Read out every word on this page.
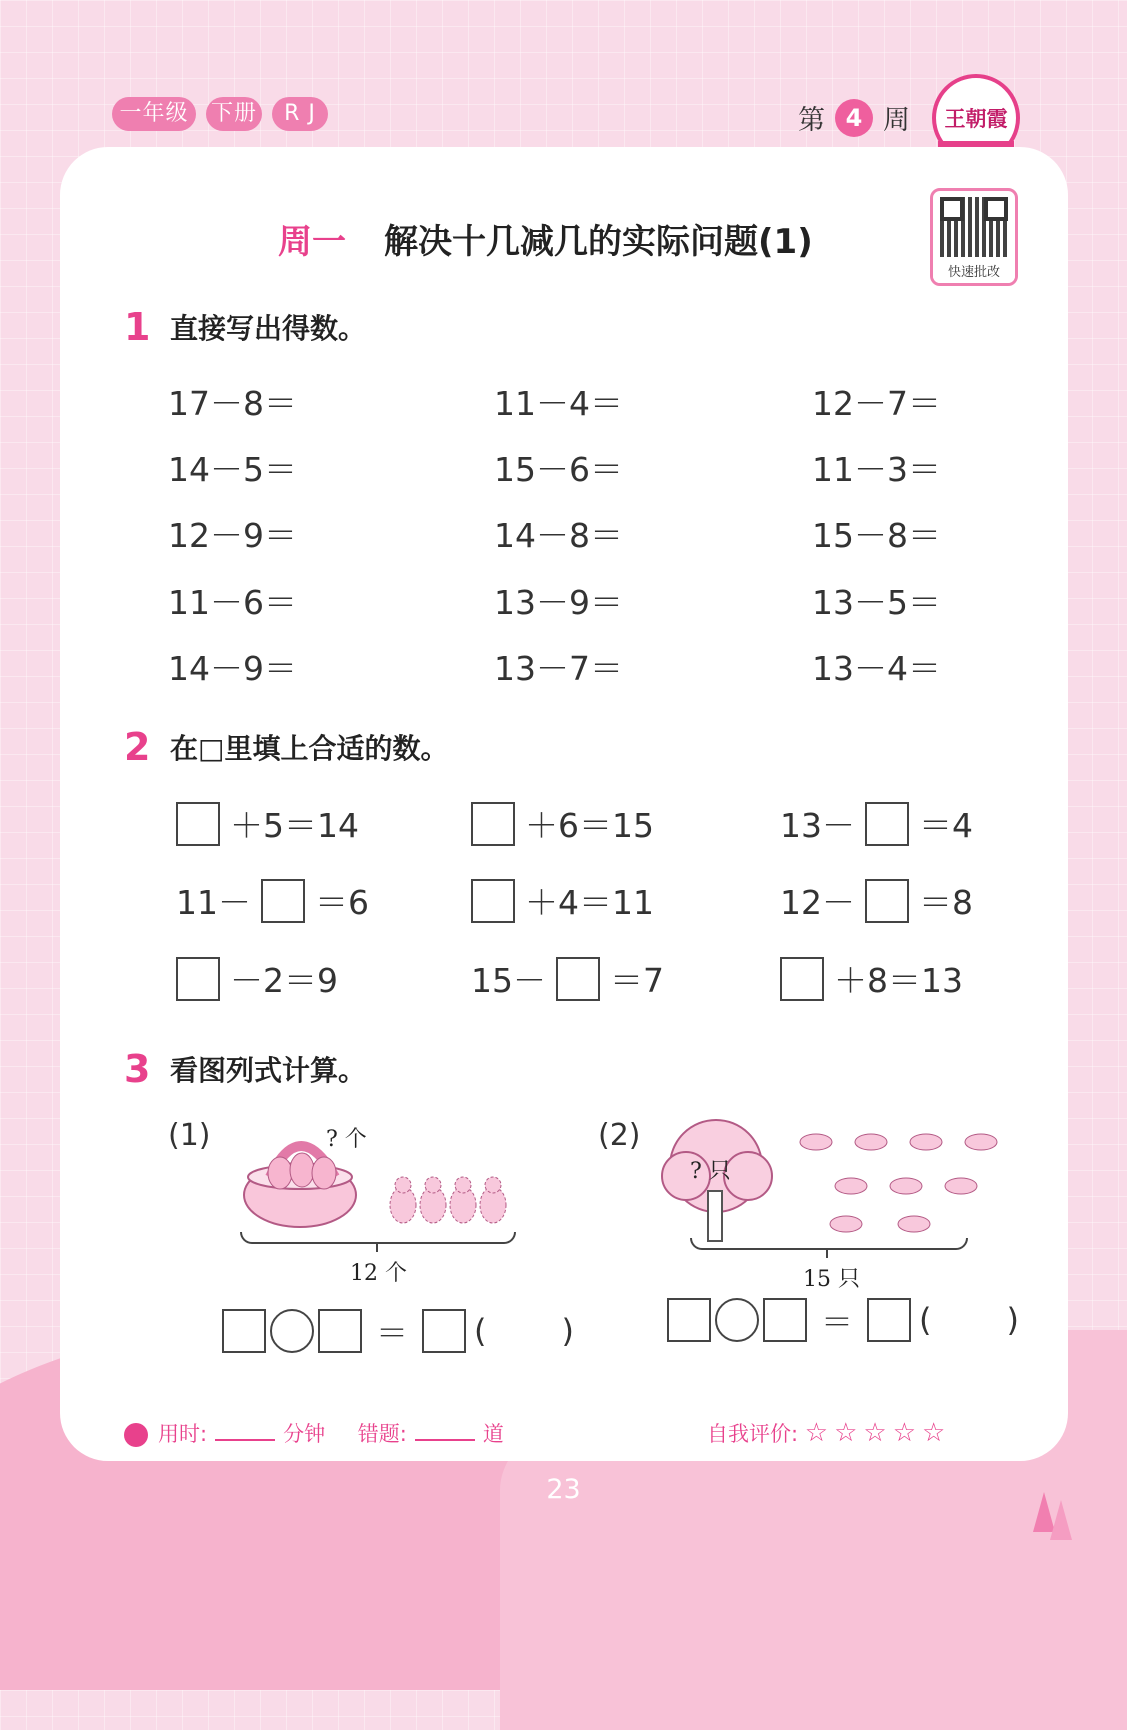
一年级	下册	R J	第 4 周 王朝霞
周一 解决十几减几的实际问题(1)
快速批改
1 直接写出得数。
17－8＝	11－4＝	12－7＝
14－5＝	15－6＝	11－3＝
12－9＝	14－8＝	15－8＝
11－6＝	13－9＝	13－5＝
14－9＝	13－7＝	13－4＝
2 在□里填上合适的数。
＋5＝14	＋6＝15	13－ ＝4
11－ ＝6	＋4＝11	12－ ＝8
－2＝9	15－ ＝7	＋8＝13
3 看图列式计算。
(1)	? 个
12 个
＝ ( )
(2)
? 只
15 只
＝ ( )
用时:	分钟 错题:	道	自我评价: ☆☆☆☆☆
23
